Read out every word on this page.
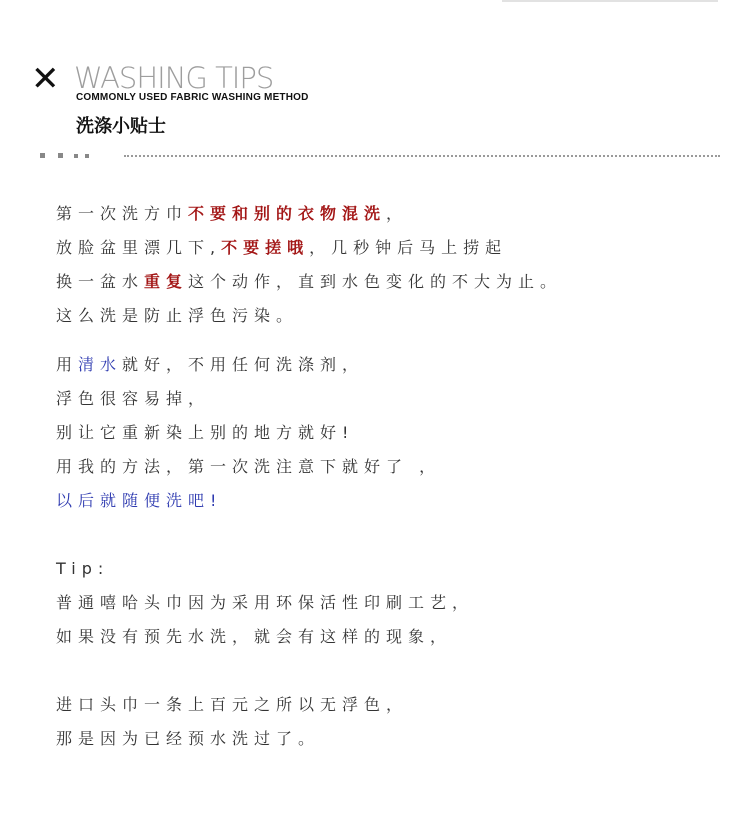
✕ WASHING TIPS
COMMONLY USED FABRIC WASHING METHOD
洗涤小贴士
第一次洗方巾不要和别的衣物混洗，
放脸盆里漂几下,不要搓哦，几秒钟后马上捞起
换一盆水重复这个动作，直到水色变化的不大为止。
这么洗是防止浮色污染。
用清水就好，不用任何洗涤剂，
浮色很容易掉，
别让它重新染上别的地方就好!
用我的方法，第一次洗注意下就好了 ，
以后就随便洗吧!
Tip:
普通嘻哈头巾因为采用环保活性印刷工艺，
如果没有预先水洗，就会有这样的现象，
进口头巾一条上百元之所以无浮色，
那是因为已经预水洗过了。
